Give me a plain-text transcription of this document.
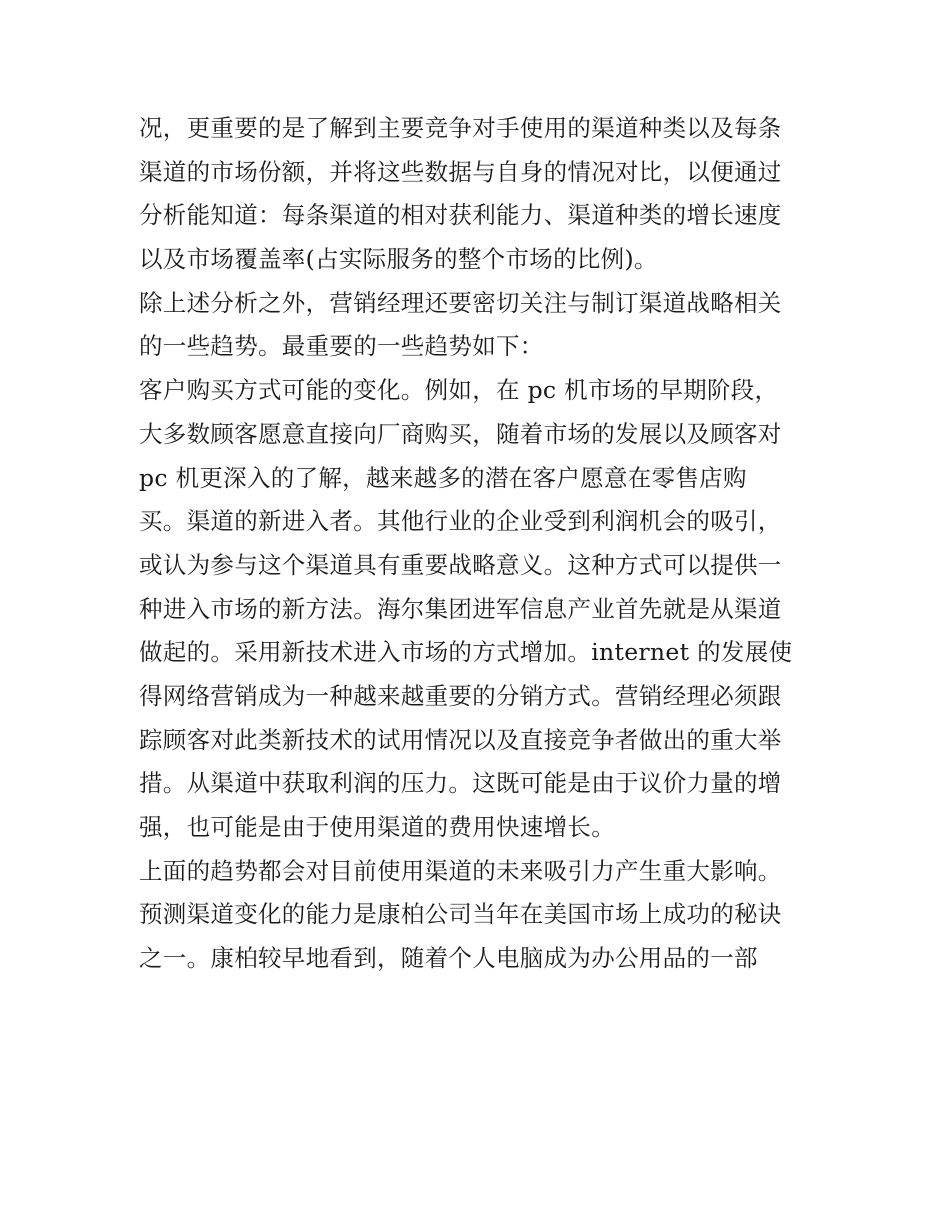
况，更重要的是了解到主要竞争对手使用的渠道种类以及每条
渠道的市场份额，并将这些数据与自身的情况对比，以便通过
分析能知道：每条渠道的相对获利能力、渠道种类的增长速度
以及市场覆盖率(占实际服务的整个市场的比例)。
除上述分析之外，营销经理还要密切关注与制订渠道战略相关
的一些趋势。最重要的一些趋势如下：
客户购买方式可能的变化。例如，在 pc 机市场的早期阶段，
大多数顾客愿意直接向厂商购买，随着市场的发展以及顾客对
pc 机更深入的了解，越来越多的潜在客户愿意在零售店购
买。渠道的新进入者。其他行业的企业受到利润机会的吸引，
或认为参与这个渠道具有重要战略意义。这种方式可以提供一
种进入市场的新方法。海尔集团进军信息产业首先就是从渠道
做起的。采用新技术进入市场的方式增加。internet 的发展使
得网络营销成为一种越来越重要的分销方式。营销经理必须跟
踪顾客对此类新技术的试用情况以及直接竞争者做出的重大举
措。从渠道中获取利润的压力。这既可能是由于议价力量的增
强，也可能是由于使用渠道的费用快速增长。
上面的趋势都会对目前使用渠道的未来吸引力产生重大影响。
预测渠道变化的能力是康柏公司当年在美国市场上成功的秘诀
之一。康柏较早地看到，随着个人电脑成为办公用品的一部
